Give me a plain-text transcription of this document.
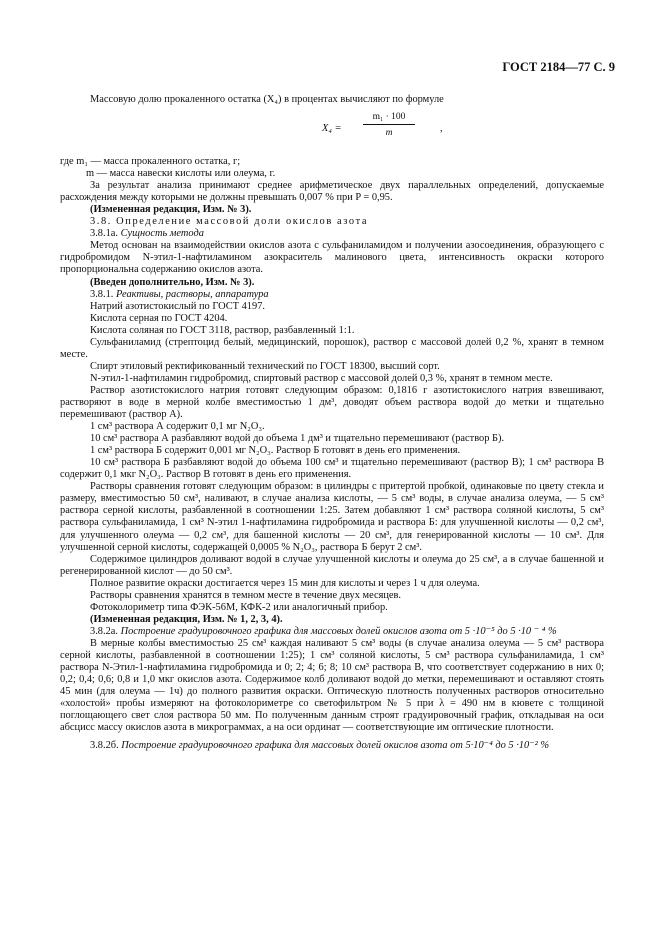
ГОСТ 2184—77 С. 9

Массовую долю прокаленного остатка (X₄) в процентах вычисляют по формуле

$X_4 = \frac{\text{m₁ · 100}}{m}$ ,

где m₁ — масса прокаленного остатка, г;

m — масса навески кислоты или олеума, г.

За результат анализа принимают среднее арифметическое двух параллельных определений, допускаемые расхождения между которыми не должны превышать 0,007 % при P = 0,95.

(Измененная редакция, Изм. № 3).

3.8. Определение массовой доли окислов азота

3.8.1а. Сущность метода

Метод основан на взаимодействии окислов азота с сульфаниламидом и получении азосоединения, образующего с гидробромидом N-этил-1-нафтиламином азокраситель малинового цвета, интенсивность окраски которого пропорциональна содержанию окислов азота.

(Введен дополнительно, Изм. № 3).

3.8.1. Реактивы, растворы, аппаратура

Натрий азотистокислый по ГОСТ 4197.

Кислота серная по ГОСТ 4204.

Кислота соляная по ГОСТ 3118, раствор, разбавленный 1:1.

Сульфаниламид (стрептоцид белый, медицинский, порошок), раствор с массовой долей 0,2 %, хранят в темном месте.

Спирт этиловый ректификованный технический по ГОСТ 18300, высший сорт.

N-этил-1-нафтиламин гидробромид, спиртовый раствор с массовой долей 0,3 %, хранят в темном месте.

Раствор азотистокислого натрия готовят следующим образом: 0,1816 г азотистокислого натрия взвешивают, растворяют в воде в мерной колбе вместимостью 1 дм³, доводят объем раствора водой до метки и тщательно перемешивают (раствор А).

1 см³ раствора А содержит 0,1 мг N₂O₃.

10 см³ раствора А разбавляют водой до объема 1 дм³ и тщательно перемешивают (раствор Б).

1 см³ раствора Б содержит 0,001 мг N₂O₃. Раствор Б готовят в день его применения.

10 см³ раствора Б разбавляют водой до объема 100 см³ и тщательно перемешивают (раствор В); 1 см³ раствора В содержит 0,1 мкг N₂O₃. Раствор В готовят в день его применения.

Растворы сравнения готовят следующим образом: в цилиндры с притертой пробкой, одинаковые по цвету стекла и размеру, вместимостью 50 см³, наливают, в случае анализа кислоты, — 5 см³ воды, в случае анализа олеума, — 5 см³ раствора серной кислоты, разбавленной в соотношении 1:25. Затем добавляют 1 см³ раствора соляной кислоты, 5 см³ раствора сульфаниламида, 1 см³ N-этил 1-нафтиламина гидробромида и раствора Б: для улучшенной кислоты — 0,2 см³, для улучшенного олеума — 0,2 см³, для башенной кислоты — 20 см³, для генерированной кислоты — 10 см³. Для улучшенной серной кислоты, содержащей 0,0005 % N₂O₃, раствора Б берут 2 см³.

Содержимое цилиндров доливают водой в случае улучшенной кислоты и олеума до 25 см³, а в случае башенной и регенерированной кислот — до 50 см³.

Полное развитие окраски достигается через 15 мин для кислоты и через 1 ч для олеума.

Растворы сравнения хранятся в темном месте в течение двух месяцев.

Фотоколориметр типа ФЭК-56М, КФК-2 или аналогичный прибор.

(Измененная редакция, Изм. № 1, 2, 3, 4).

3.8.2а. Построение градуировочного графика для массовых долей окислов азота от 5 ·10⁻⁵ до 5 ·10 ⁻ ⁴ %

В мерные колбы вместимостью 25 см³ каждая наливают 5 см³ воды (в случае анализа олеума — 5 см³ раствора серной кислоты, разбавленной в соотношении 1:25); 1 см³ соляной кислоты, 5 см³ раствора сульфаниламида, 1 см³ раствора N-Этил-1-нафтиламина гидробромида и 0; 2; 4; 6; 8; 10 см³ раствора В, что соответствует содержанию в них 0; 0,2; 0,4; 0,6; 0,8 и 1,0 мкг окислов азота. Содержимое колб доливают водой до метки, перемешивают и оставляют стоять 45 мин (для олеума — 1ч) до полного развития окраски. Оптическую плотность полученных растворов относительно «холостой» пробы измеряют на фотоколориметре со светофильтром № 5 при λ = 490 нм в кювете с толщиной поглощающего свет слоя раствора 50 мм. По полученным данным строят градуировочный график, откладывая на оси абсцисс массу окислов азота в микрограммах, а на оси ординат — соответствующие им оптические плотности.

3.8.2б. Построение градуировочного графика для массовых долей окислов азота от 5·10⁻⁴ до 5 ·10⁻² %
